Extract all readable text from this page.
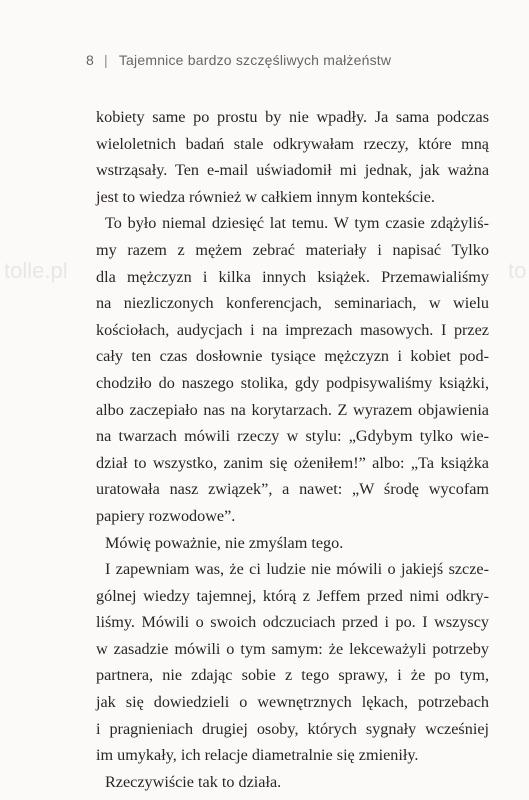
8 | Tajemnice bardzo szczęśliwych małżeństw
tolle.pl	to
kobiety same po prostu by nie wpadły. Ja sama podczas
wieloletnich badań stale odkrywałam rzeczy, które mną
wstrząsały. Ten e-mail uświadomił mi jednak, jak ważna
jest to wiedza również w całkiem innym kontekście.
To było niemal dziesięć lat temu. W tym czasie zdążyliś-
my razem z mężem zebrać materiały i napisać Tylko
dla mężczyzn i kilka innych książek. Przemawialiśmy
na niezliczonych konferencjach, seminariach, w wielu
kościołach, audycjach i na imprezach masowych. I przez
cały ten czas dosłownie tysiące mężczyzn i kobiet pod-
chodziło do naszego stolika, gdy podpisywaliśmy książki,
albo zaczepiało nas na korytarzach. Z wyrazem objawienia
na twarzach mówili rzeczy w stylu: „Gdybym tylko wie-
dział to wszystko, zanim się ożeniłem!” albo: „Ta książka
uratowała nasz związek”, a nawet: „W środę wycofam
papiery rozwodowe”.
Mówię poważnie, nie zmyślam tego.
I zapewniam was, że ci ludzie nie mówili o jakiejś szcze-
gólnej wiedzy tajemnej, którą z Jeffem przed nimi odkry-
liśmy. Mówili o swoich odczuciach przed i po. I wszyscy
w zasadzie mówili o tym samym: że lekceważyli potrzeby
partnera, nie zdając sobie z tego sprawy, i że po tym,
jak się dowiedzieli o wewnętrznych lękach, potrzebach
i pragnieniach drugiej osoby, których sygnały wcześniej
im umykały, ich relacje diametralnie się zmieniły.
Rzeczywiście tak to działa.
